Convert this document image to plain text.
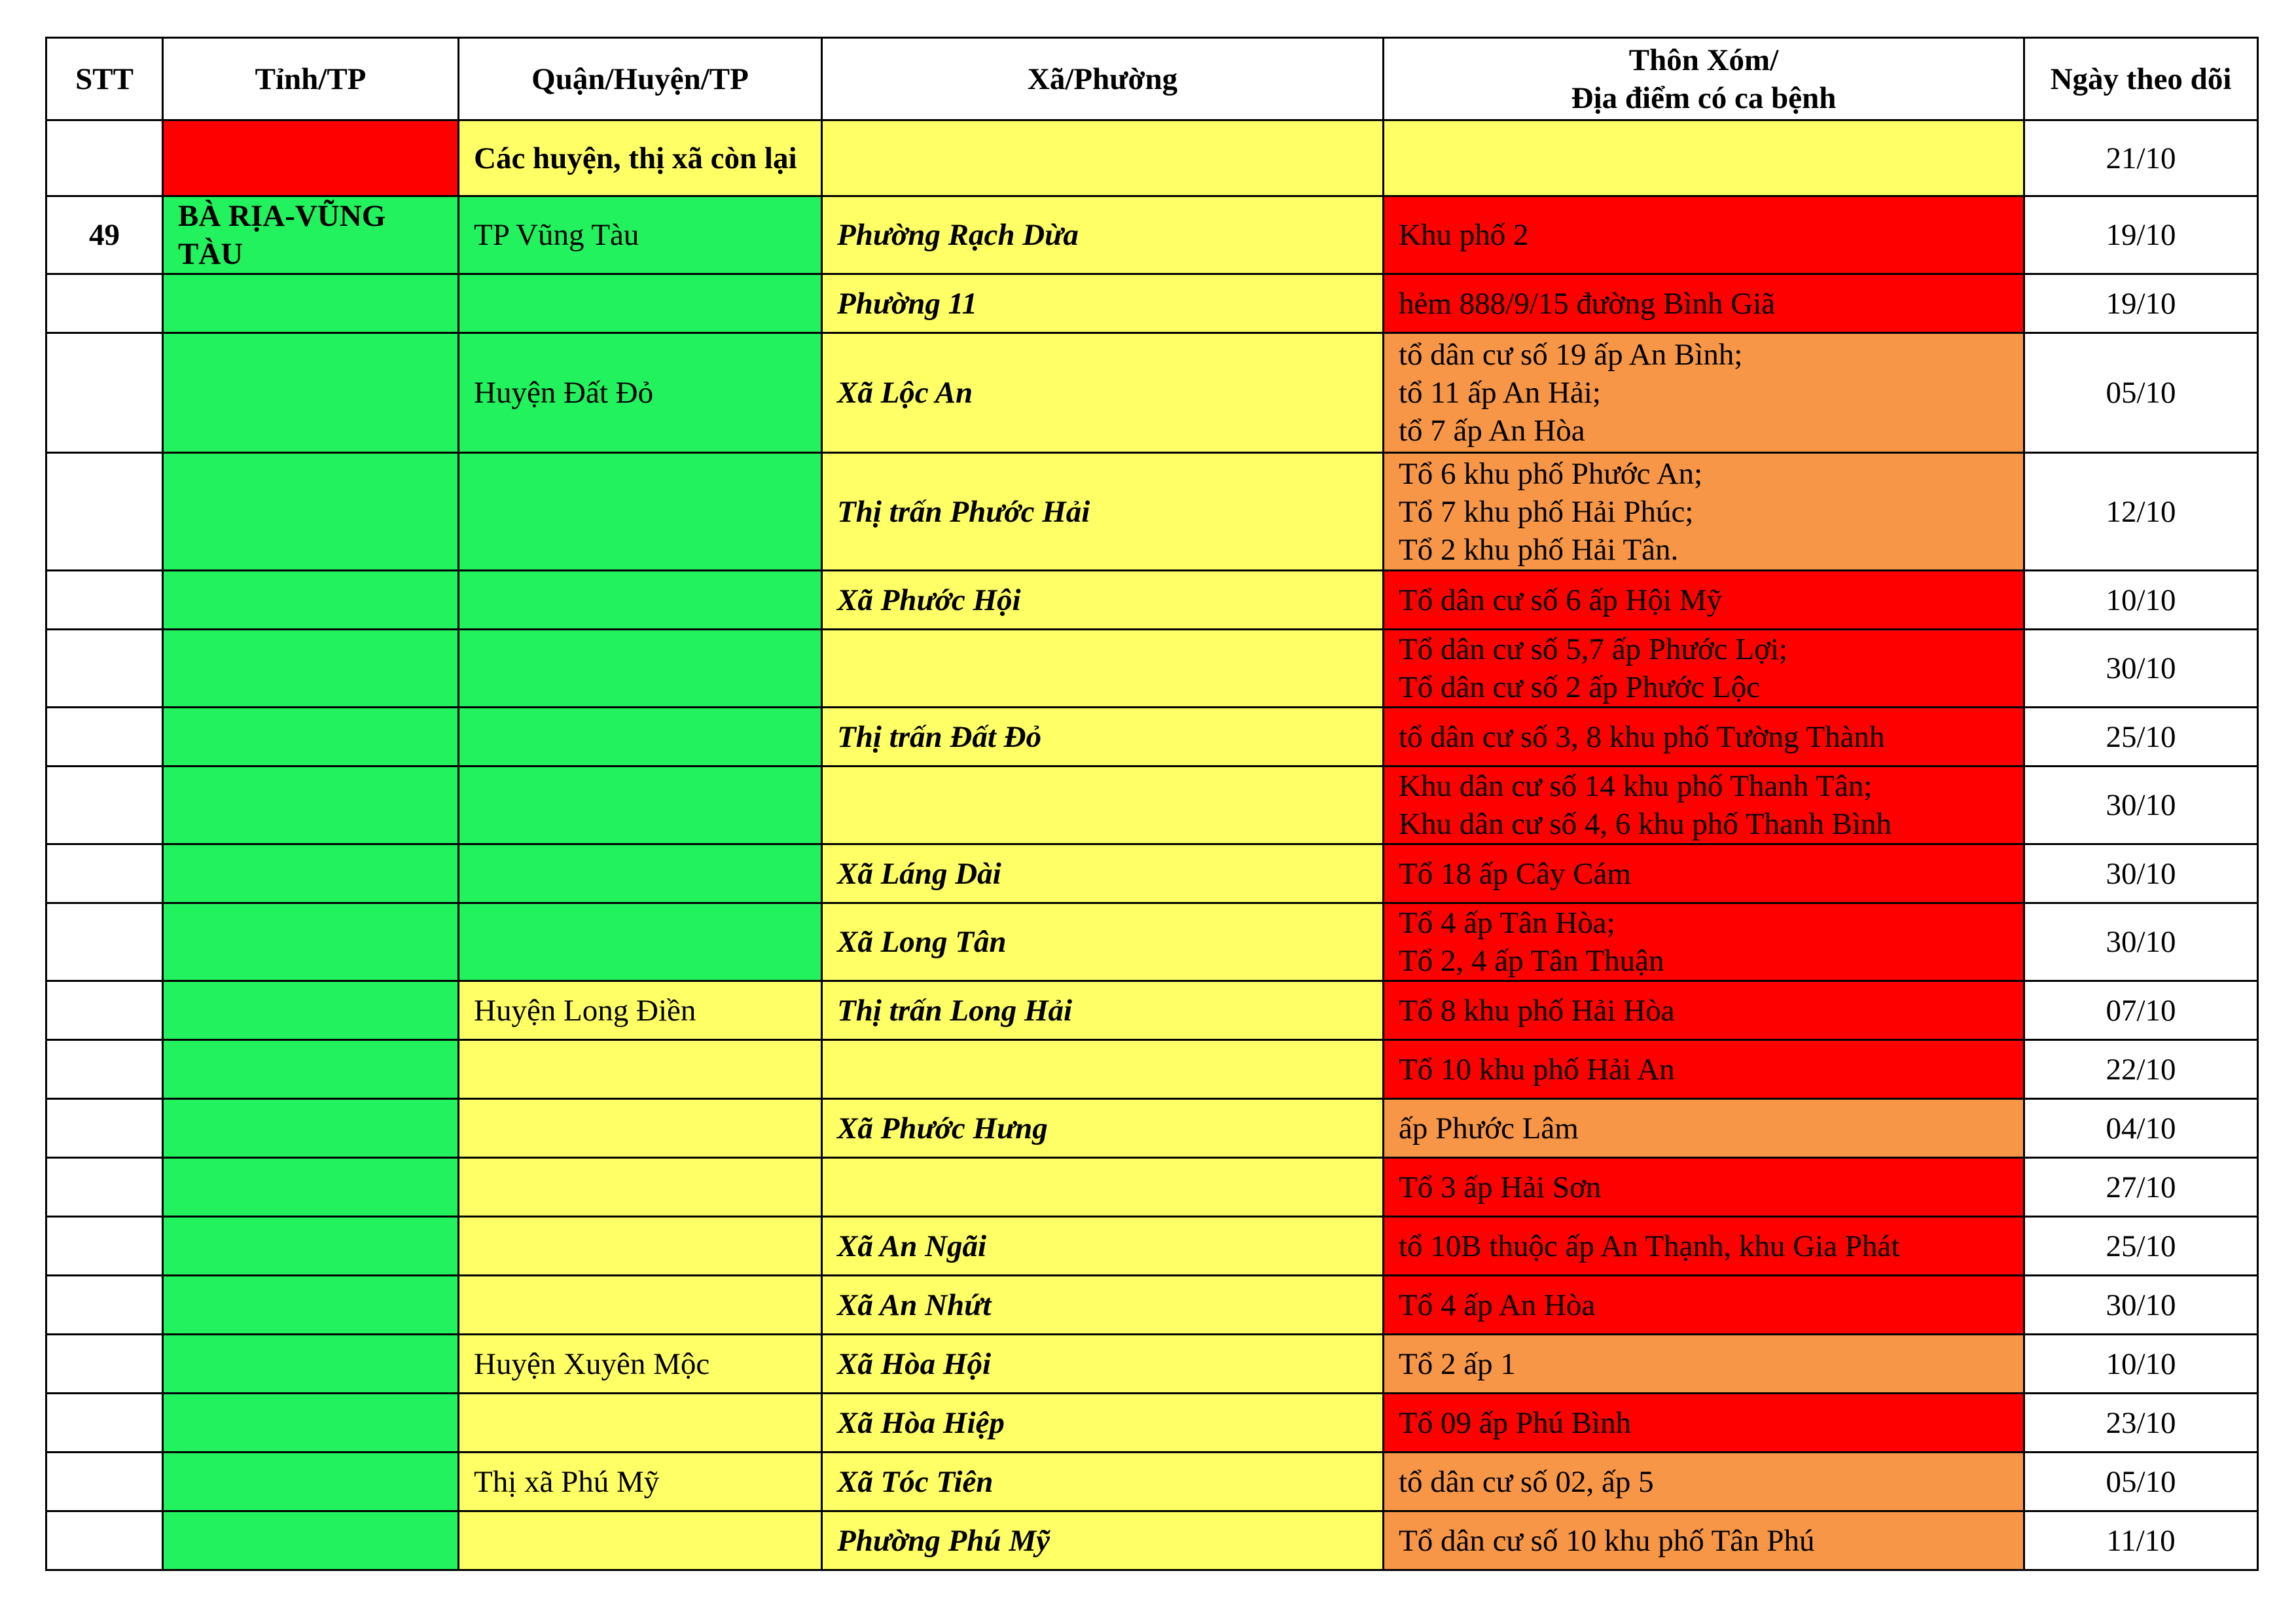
STT	Tỉnh/TP	Quận/Huyện/TP	Xã/Phường	Thôn Xóm/
Địa điểm có ca bệnh	Ngày theo dõi
		Các huyện, thị xã còn lại			21/10
49	BÀ RỊA-VŨNG TÀU	TP Vũng Tàu	Phường Rạch Dừa	Khu phố 2	19/10
			Phường 11	hẻm 888/9/15 đường Bình Giã	19/10
		Huyện Đất Đỏ	Xã Lộc An	tổ dân cư số 19 ấp An Bình;
tổ 11 ấp An Hải;
tổ 7 ấp An Hòa	05/10
			Thị trấn Phước Hải	Tổ 6 khu phố Phước An;
Tổ 7 khu phố Hải Phúc;
Tổ 2 khu phố Hải Tân.	12/10
			Xã Phước Hội	Tổ dân cư số 6 ấp Hội Mỹ	10/10
				Tổ dân cư số 5,7 ấp Phước Lợi;
Tổ dân cư số 2 ấp Phước Lộc	30/10
			Thị trấn Đất Đỏ	tổ dân cư số 3, 8 khu phố Tường Thành	25/10
				Khu dân cư số 14 khu phố Thanh Tân;
Khu dân cư số 4, 6 khu phố Thanh Bình	30/10
			Xã Láng Dài	Tổ 18 ấp Cây Cám	30/10
			Xã Long Tân	Tổ 4 ấp Tân Hòa;
Tổ 2, 4 ấp Tân Thuận	30/10
		Huyện Long Điền	Thị trấn Long Hải	Tổ 8 khu phố Hải Hòa	07/10
				Tổ 10 khu phố Hải An	22/10
			Xã Phước Hưng	ấp Phước Lâm	04/10
				Tổ 3 ấp Hải Sơn	27/10
			Xã An Ngãi	tổ 10B thuộc ấp An Thạnh, khu Gia Phát	25/10
			Xã An Nhứt	Tổ 4 ấp An Hòa	30/10
		Huyện Xuyên Mộc	Xã Hòa Hội	Tổ 2 ấp 1	10/10
			Xã Hòa Hiệp	Tổ 09 ấp Phú Bình	23/10
		Thị xã Phú Mỹ	Xã Tóc Tiên	tổ dân cư số 02, ấp 5	05/10
			Phường Phú Mỹ	Tổ dân cư số 10 khu phố Tân Phú	11/10
